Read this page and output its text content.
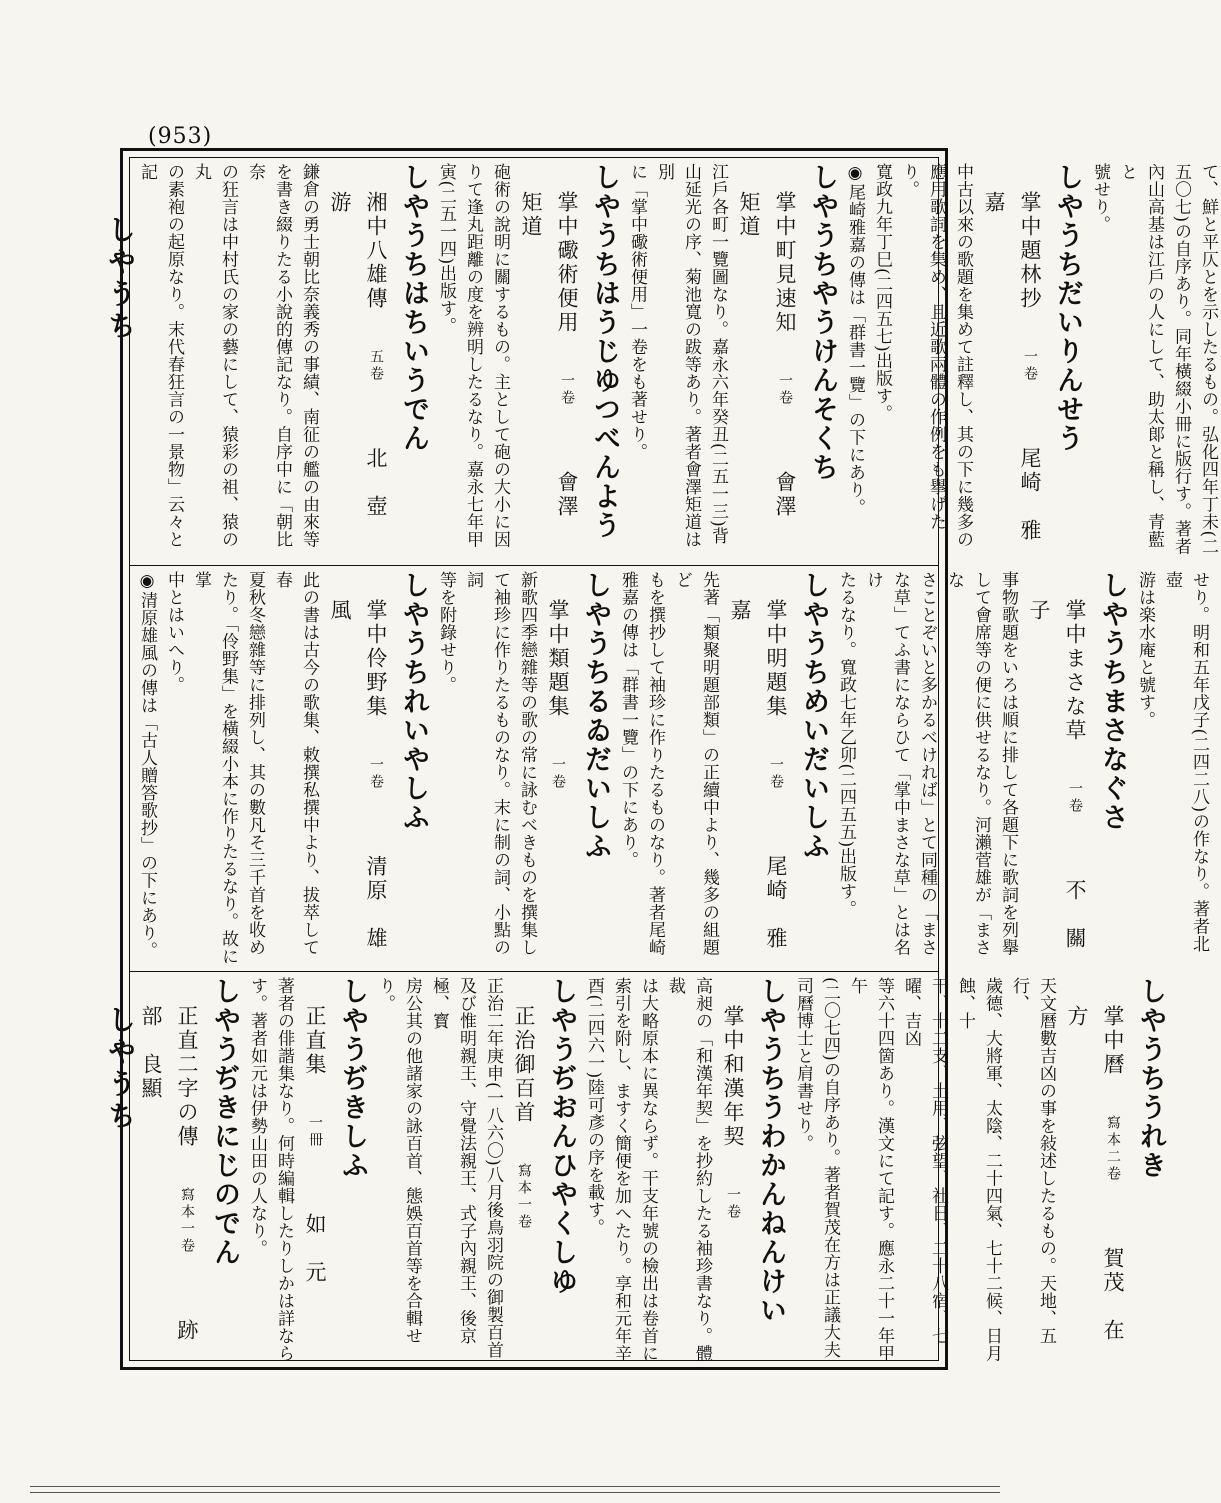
(953)
しやうち
しやうち

て、鮮と平仄とを示したるもの。弘化四年丁未(二

五〇七)の自序あり。同年橫綴小冊に版行す。著者

內山高基は江戶の人にして、助太郞と稱し、青藍と

號せり。

しやうちだいりんせう

掌中題林抄　一卷　尾崎　雅嘉

中古以來の歌題を集めて註釋し、其の下に幾多の

應用歌詞を集め、且近歌兩體の作例をも擧げたり。

寬政九年丁巳(二四五七)出版す。

◉尾崎雅嘉の傳は「群書一覽」の下にあり。

しやうちやうけんそくち

掌中町見速知　一卷　會澤　矩道

江戶各町一覽圖なり。嘉永六年癸丑(二五一三)背

山延光の序、菊池寬の跋等あり。著者會澤矩道は別

に「掌中礮術便用」一卷をも著せり。

しやうちはうじゆつべんよう

掌中礮術便用　一卷　會澤　矩道

砲術の說明に關するもの。主として砲の大小に因

りて逢丸距離の度を辨明したるなり。嘉永七年甲

寅(二五一四)出版す。

しやうちはちいうでん

湘中八雄傳　五卷　北　壺　游

鎌倉の勇士朝比奈義秀の事績、南征の艦の由來等

を書き綴りたる小說的傳記なり。自序中に「朝比奈

の狂言は中村氏の家の藝にして、猿彩の祖、猿の丸

の素袍の起原なり。末代春狂言の一景物」云々と記

せり。明和五年戊子(二四二八)の作なり。著者北壺

游は楽水庵と號す。

しやうちまさなぐさ

掌中まさな草　一卷　不　關　子

事物歌題をいろは順に排して各題下に歌詞を列擧

して會席等の便に供せるなり。河瀨菅雄が「まさな

さことぞいと多かるべければ」とて同種の「まさ

な草」てふ書にならひて「掌中まさな草」とは名け

たるなり。寬政七年乙卯(二四五五)出版す。

しやうちめいだいしふ

掌中明題集　一卷　尾崎　雅嘉

先著「類聚明題部類」の正續中より、幾多の組題ど

もを撰抄して袖珍に作りたるものなり。著者尾崎

雅嘉の傳は「群書一覽」の下にあり。

しやうちるゐだいしふ

掌中類題集　一卷

新歌四季戀雜等の歌の常に詠むべきものを撰集し

て袖珍に作りたるものなり。末に制の詞、小點の詞

等を附錄せり。

しやうちれいやしふ

掌中伶野集　一卷　清原　雄風

此の書は古今の歌集、敕撰私撰中より、拔萃して春

夏秋冬戀雜等に排列し、其の數凡そ三千首を收め

たり。「伶野集」を橫綴小本に作りたるなり。故に掌

中とはいへり。

◉清原雄風の傳は「古人贈答歌抄」の下にあり。

しやうちうれき

掌中曆　寫本二卷　賀茂　在方

天文曆數吉凶の事を敍述したるもの。天地、五行、

歲德、大將軍、太陰、二十四氣、七十二候、日月蝕、十

干、十二支、土用、弦望、社日、二十八宿、七曜、吉凶

等六十四箇あり。漢文にて記す。應永二十一年甲午

(二〇七四)の自序あり。著者賀茂在方は正議大夫

司曆博士と肩書せり。

しやうちうわかんねんけい

掌中和漢年契　一卷

高昶の「和漢年契」を抄約したる袖珍書なり。體裁

は大略原本に異ならず。干支年號の檢出は卷首に

索引を附し、ますく簡便を加へたり。享和元年辛

酉(二四六一)陸可彥の序を載す。

しやうぢおんひやくしゆ

正治御百首　寫本一卷

正治二年庚申(一八六〇)八月後鳥羽院の御製百首

及び惟明親王、守覺法親王、式子內親王、後京極、寳

房公其の他諸家の詠百首、態娛百首等を合輯せり。

しやうぢきしふ

正直集　一冊　如　元

著者の俳諧集なり。何時編輯したりしかは詳なら

す。著者如元は伊勢山田の人なり。

しやうぢきにじのでん

正直二字の傳　寫本一卷　跡部　良顯
